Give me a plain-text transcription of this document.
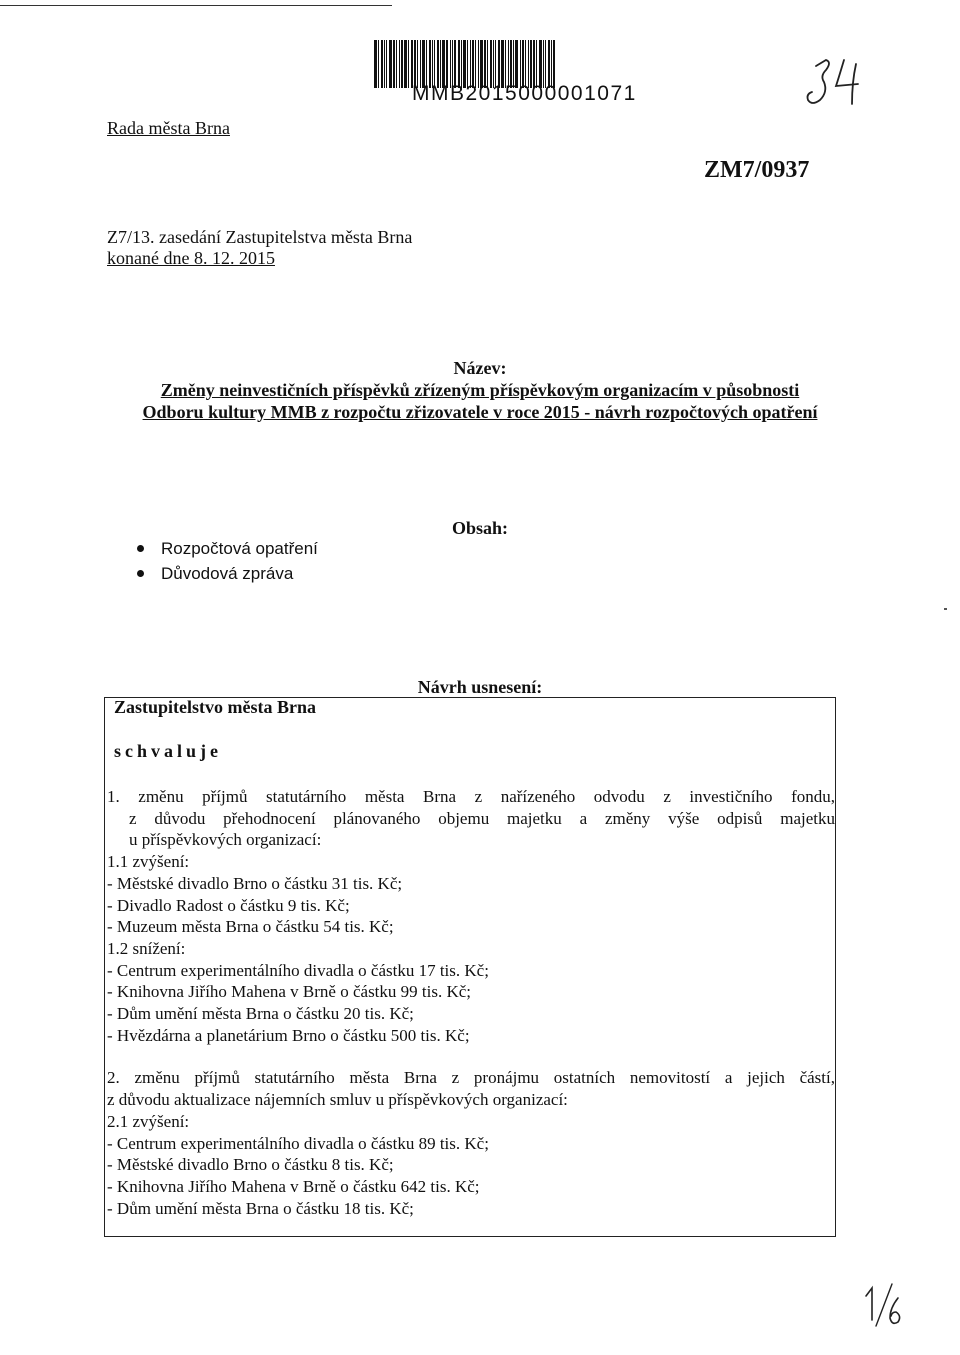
MMB2015000001071
Rada města Brna
ZM7/0937
Z7/13. zasedání Zastupitelstva města Brna
konané dne 8. 12. 2015
Název:
Změny neinvestičních příspěvků zřízeným příspěvkovým organizacím v působnosti
Odboru kultury MMB z rozpočtu zřizovatele v roce 2015 - návrh rozpočtových opatření
Obsah:
Rozpočtová opatření
Důvodová zpráva
Návrh usnesení:
Zastupitelstvo města Brna
schvaluje
1. změnu příjmů statutárního města Brna z nařízeného odvodu z investičního fondu,
z důvodu přehodnocení plánovaného objemu majetku a změny výše odpisů majetku
u příspěvkových organizací:
1.1 zvýšení:
- Městské divadlo Brno o částku 31 tis. Kč;
- Divadlo Radost o částku 9 tis. Kč;
- Muzeum města Brna o částku 54 tis. Kč;
1.2 snížení:
- Centrum experimentálního divadla o částku 17 tis. Kč;
- Knihovna Jiřího Mahena v Brně o částku 99 tis. Kč;
- Dům umění města Brna o částku 20 tis. Kč;
- Hvězdárna a planetárium Brno o částku 500 tis. Kč;
2. změnu příjmů statutárního města Brna z pronájmu ostatních nemovitostí a jejich částí,
z důvodu aktualizace nájemních smluv u příspěvkových organizací:
2.1 zvýšení:
- Centrum experimentálního divadla o částku 89 tis. Kč;
- Městské divadlo Brno o částku 8 tis. Kč;
- Knihovna Jiřího Mahena v Brně o částku 642 tis. Kč;
- Dům umění města Brna o částku 18 tis. Kč;
